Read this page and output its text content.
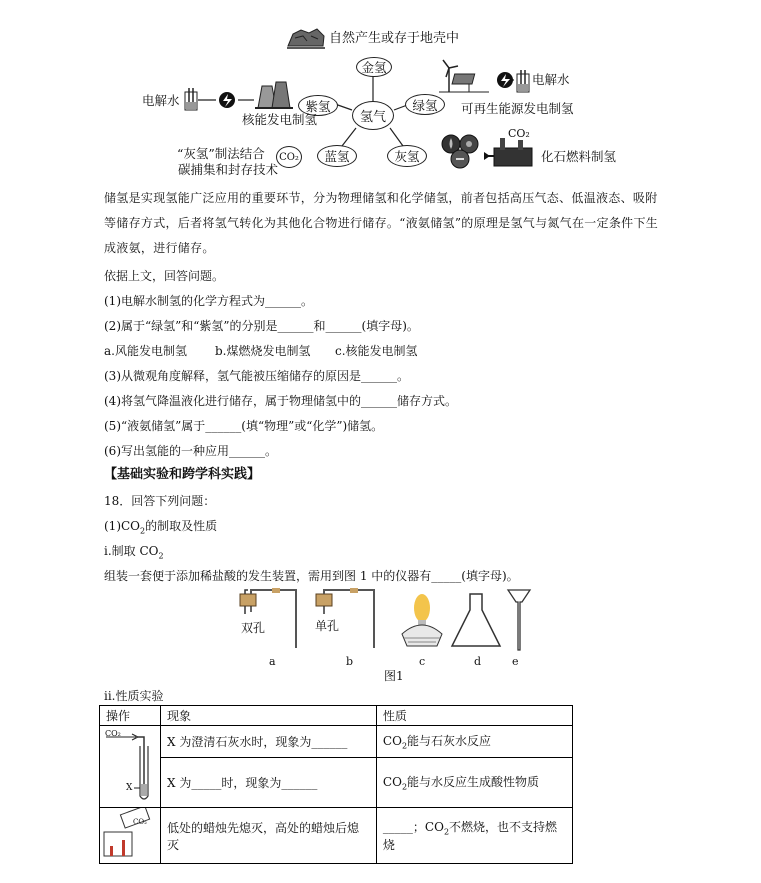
自然产生或存于地壳中
金氢
紫氢	绿氢
氢气
蓝氢	灰氢
电解水
核能发电制氢
“灰氢”制法结合
碳捕集和封存技术
CO₂
电解水
可再生能源发电制氢
CO₂
化石燃料制氢
储氢是实现氢能广泛应用的重要环节，分为物理储氢和化学储氢，前者包括高压气态、低温液态、吸附等储存方式，后者将氢气转化为其他化合物进行储存。“液氨储氢”的原理是氢气与氮气在一定条件下生成液氨，进行储存。
依据上文，回答问题。
(1)电解水制氢的化学方程式为______。
(2)属于“绿氢”和“紫氢”的分别是______和______(填字母)。
a.风能发电制氢 b.煤燃烧发电制氢 c.核能发电制氢
(3)从微观角度解释，氢气能被压缩储存的原因是______。
(4)将氢气降温液化进行储存，属于物理储氢中的______储存方式。
(5)“液氨储氢”属于______(填“物理”或“化学”)储氢。
(6)写出氢能的一种应用______。
【基础实验和跨学科实践】
18．回答下列问题：
$(1)CO_2$的制取及性质
i.制取 $CO_2$
组装一套便于添加稀盐酸的发生装置，需用到图 1 中的仪器有_____(填字母)。
双孔	单孔
a	b	c	d	e
图1
ii.性质实验
操作	现象	性质

CO₂
X	X 为澄清石灰水时，现象为______	$CO_2$能与石灰水反应
	X 为_____时，现象为______	$CO_2$能与水反应生成酸性物质

CO₂	低处的蜡烛先熄灭，高处的蜡烛后熄灭	_____；$CO_2$不燃烧，也不支持燃烧
